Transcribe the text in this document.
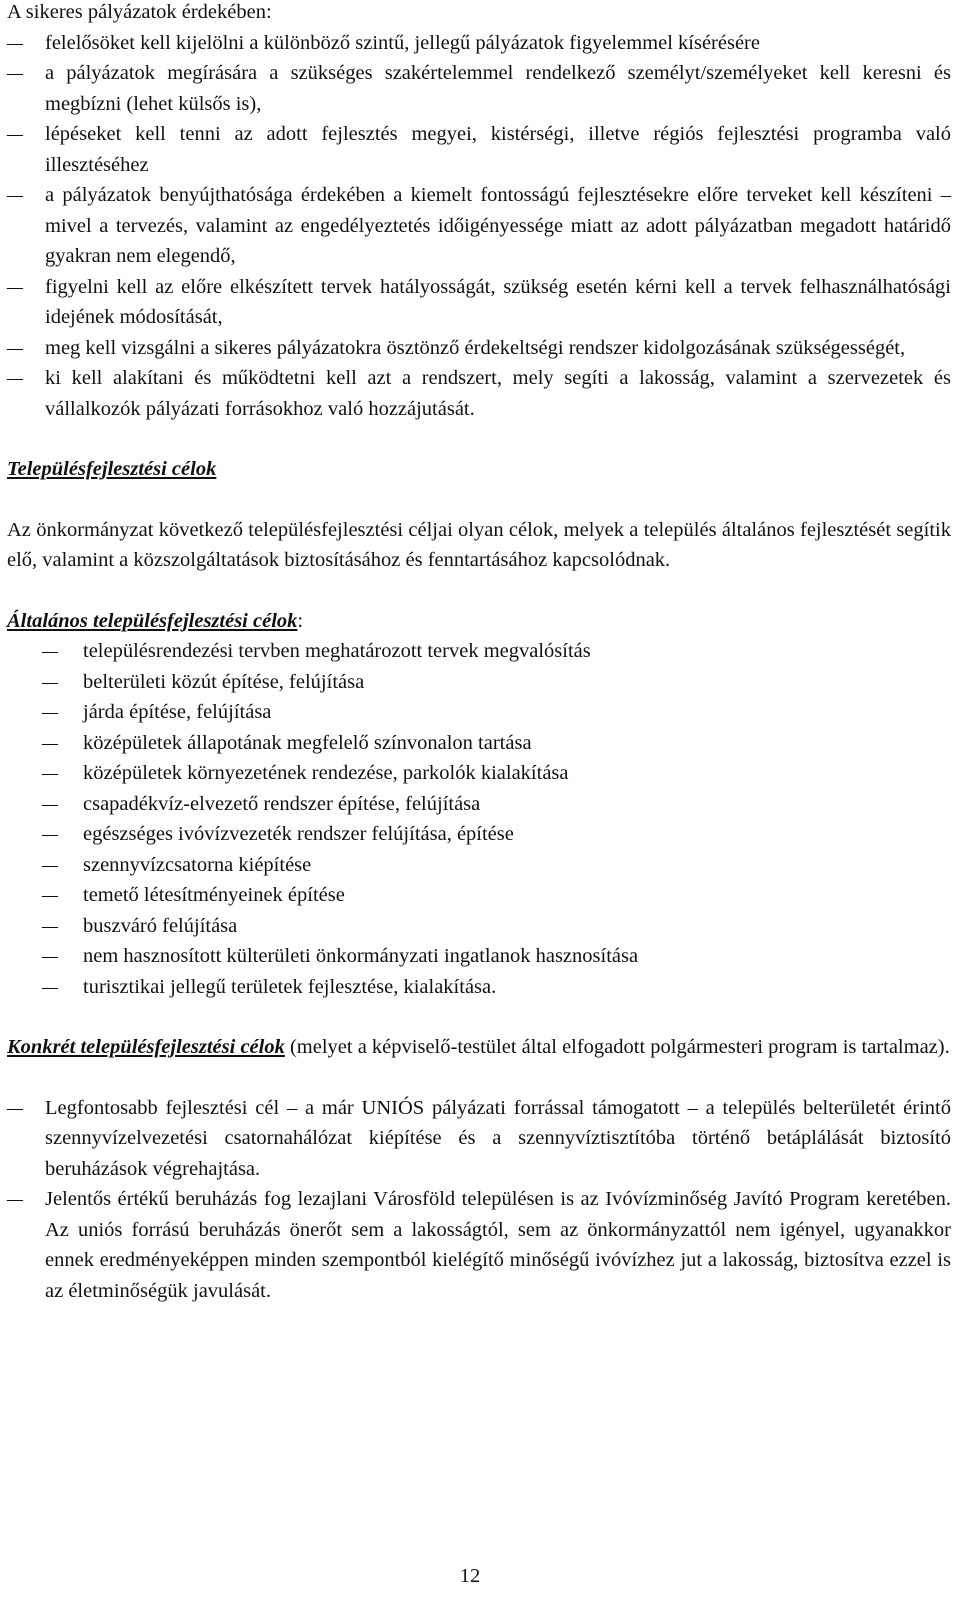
A sikeres pályázatok érdekében:

– felelősöket kell kijelölni a különböző szintű, jellegű pályázatok figyelemmel kísérésére
– a pályázatok megírására a szükséges szakértelemmel rendelkező személyt/személyeket kell keresni és megbízni (lehet külsős is),
– lépéseket kell tenni az adott fejlesztés megyei, kistérségi, illetve régiós fejlesztési programba való illesztéséhez
– a pályázatok benyújthatósága érdekében a kiemelt fontosságú fejlesztésekre előre terveket kell készíteni – mivel a tervezés, valamint az engedélyeztetés időigényessége miatt az adott pályázatban megadott határidő gyakran nem elegendő,
– figyelni kell az előre elkészített tervek hatályosságát, szükség esetén kérni kell a tervek felhasználhatósági idejének módosítását,
– meg kell vizsgálni a sikeres pályázatokra ösztönző érdekeltségi rendszer kidolgozásának szükségességét,
– ki kell alakítani és működtetni kell azt a rendszert, mely segíti a lakosság, valamint a szervezetek és vállalkozók pályázati forrásokhoz való hozzájutását.

Településfejlesztési célok

Az önkormányzat következő településfejlesztési céljai olyan célok, melyek a település általános fejlesztését segítik elő, valamint a közszolgáltatások biztosításához és fenntartásához kapcsolódnak.

Általános településfejlesztési célok:

– településrendezési tervben meghatározott tervek megvalósítás
– belterületi közút építése, felújítása
– járda építése, felújítása
– középületek állapotának megfelelő színvonalon tartása
– középületek környezetének rendezése, parkolók kialakítása
– csapadékvíz-elvezető rendszer építése, felújítása
– egészséges ivóvízvezeték rendszer felújítása, építése
– szennyvízcsatorna kiépítése
– temető létesítményeinek építése
– buszváró felújítása
– nem hasznosított külterületi önkormányzati ingatlanok hasznosítása
– turisztikai jellegű területek fejlesztése, kialakítása.

Konkrét településfejlesztési célok (melyet a képviselő-testület által elfogadott polgármesteri program is tartalmaz).

– Legfontosabb fejlesztési cél – a már UNIÓS pályázati forrással támogatott – a település belterületét érintő szennyvízelvezetési csatornahálózat kiépítése és a szennyvíztisztítóba történő betáplálását biztosító beruházások végrehajtása.
– Jelentős értékű beruházás fog lezajlani Városföld településen is az Ivóvízminőség Javító Program keretében. Az uniós forrású beruházás önerőt sem a lakosságtól, sem az önkormányzattól nem igényel, ugyanakkor ennek eredményeképpen minden szempontból kielégítő minőségű ivóvízhez jut a lakosság, biztosítva ezzel is az életminőségük javulását.
12
